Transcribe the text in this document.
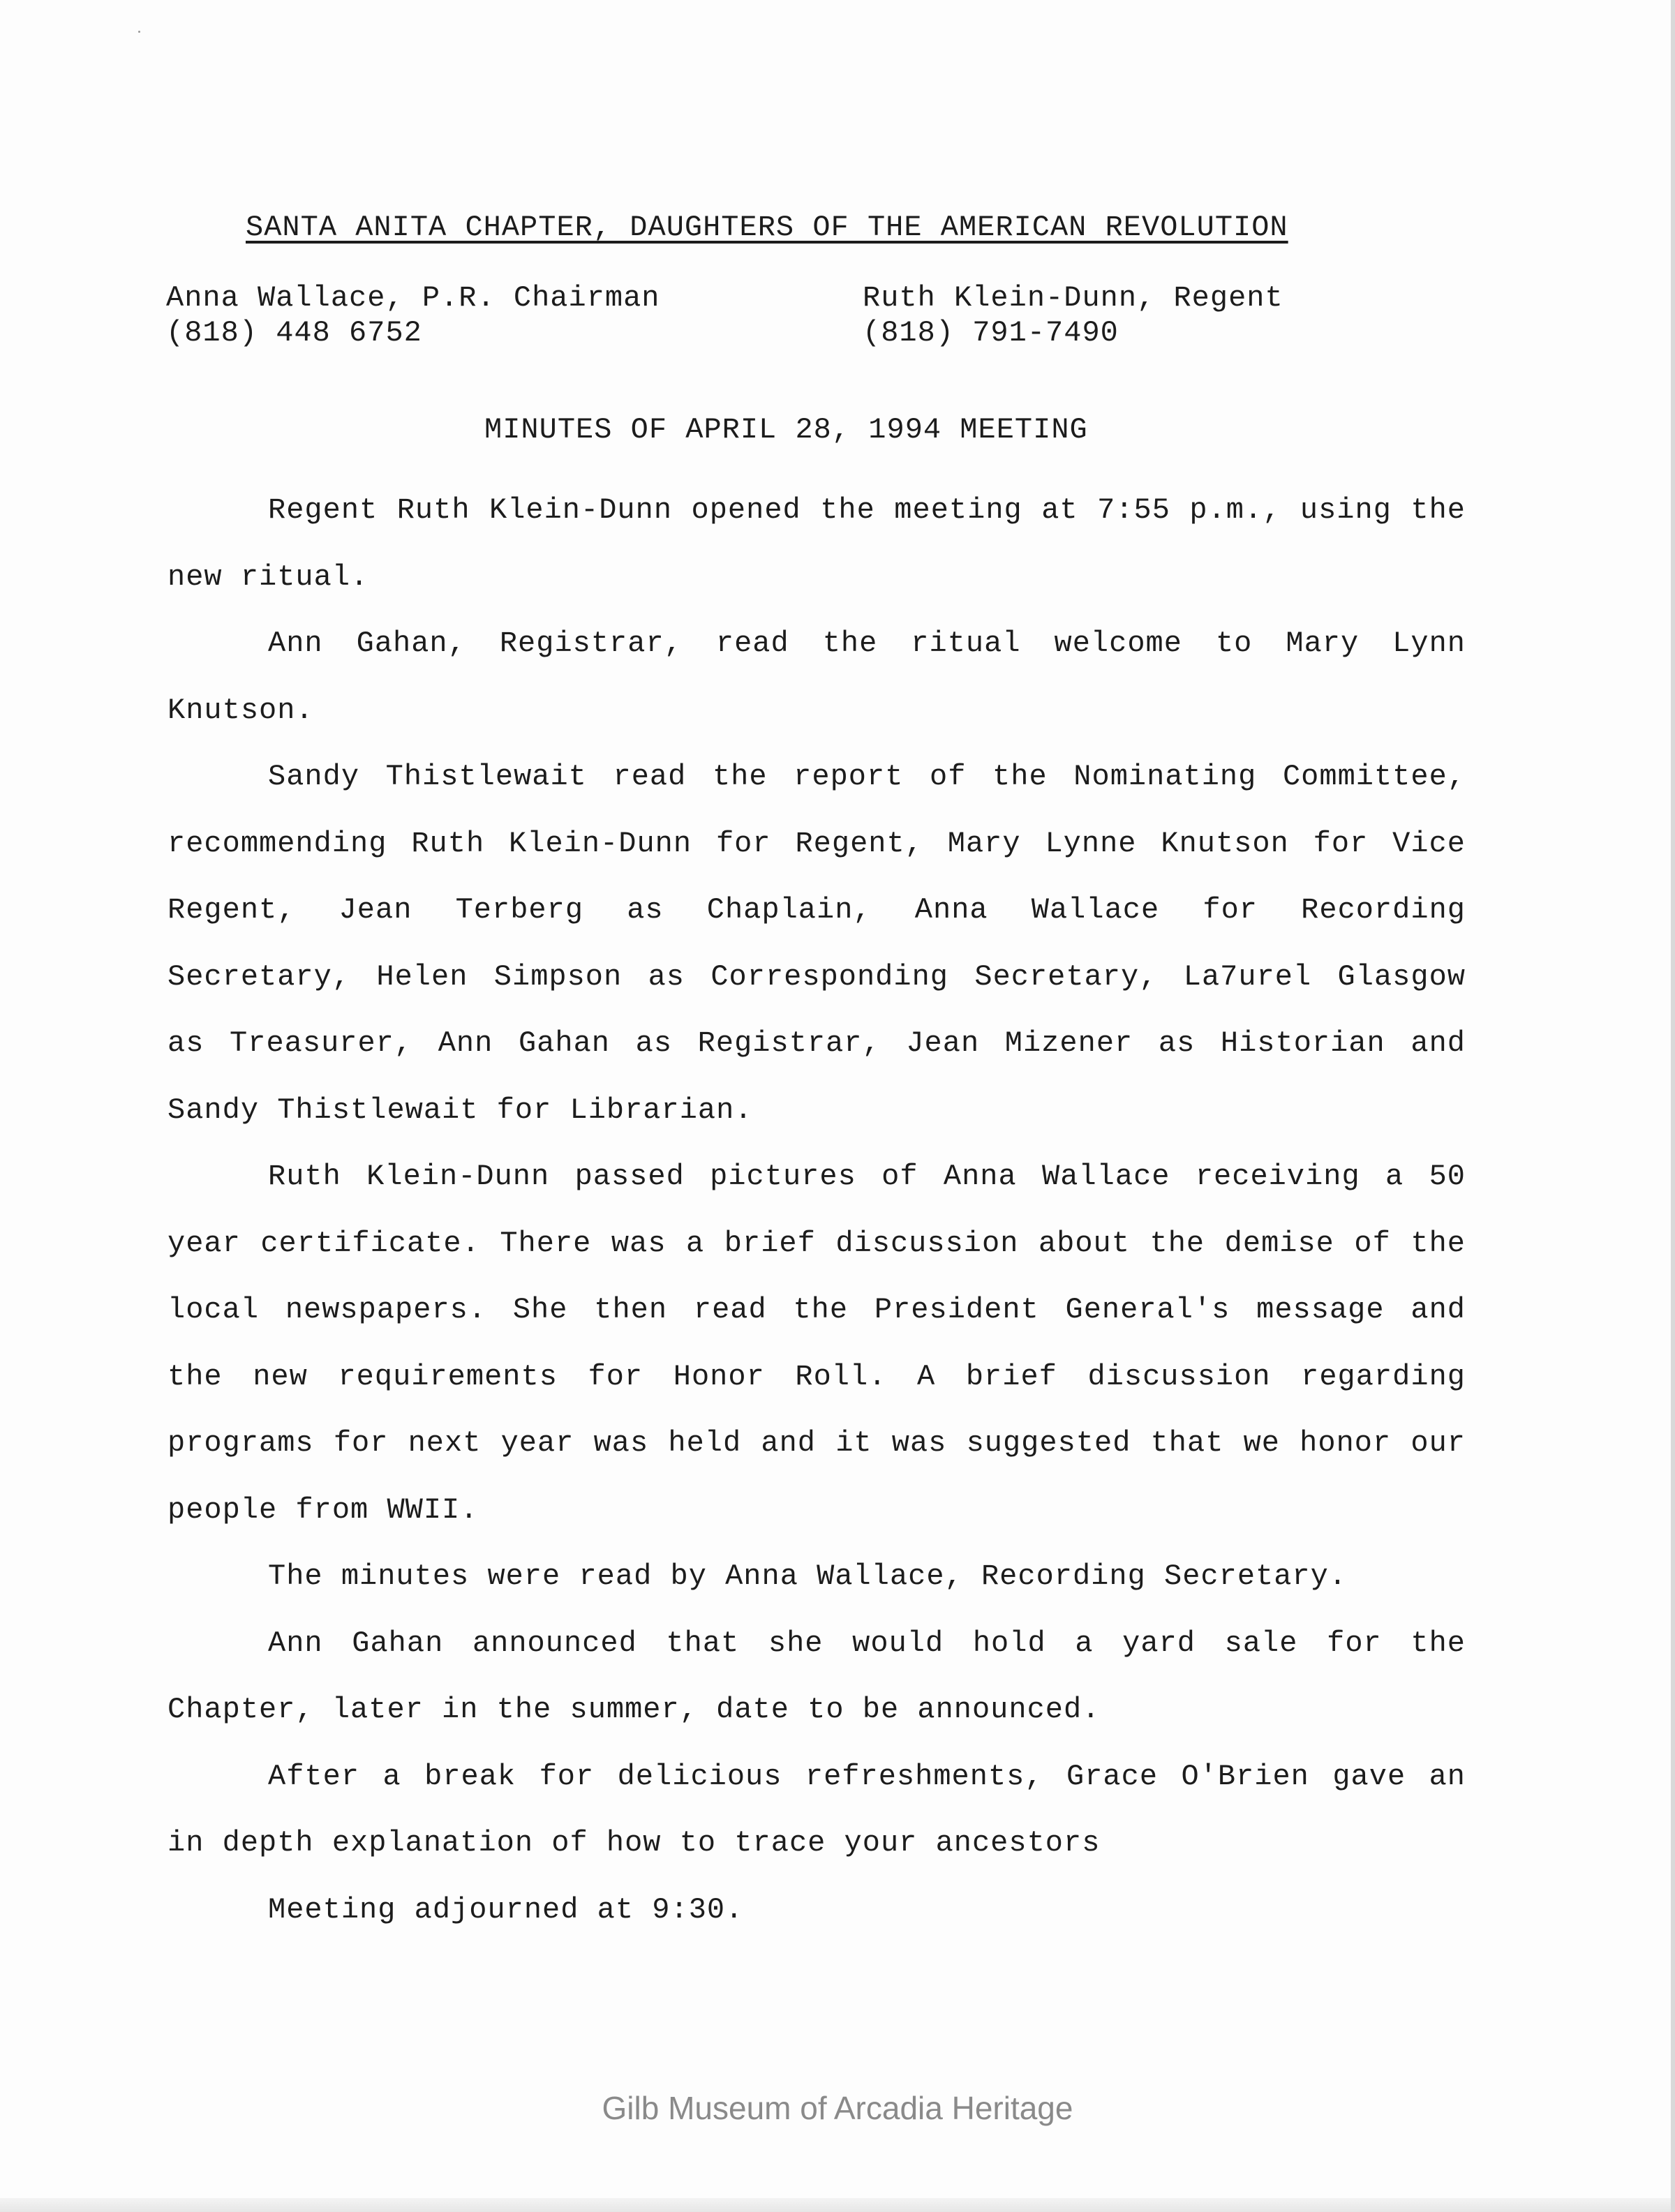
SANTA ANITA CHAPTER, DAUGHTERS OF THE AMERICAN REVOLUTION
Anna Wallace, P.R. Chairman
(818) 448 6752
Ruth Klein-Dunn, Regent
(818) 791-7490
MINUTES OF APRIL 28, 1994 MEETING

Regent Ruth Klein-Dunn opened the meeting at 7:55 p.m., using the new ritual.

Ann Gahan, Registrar, read the ritual welcome to Mary Lynn Knutson.

Sandy Thistlewait read the report of the Nominating Committee, recommending Ruth Klein-Dunn for Regent, Mary Lynne Knutson for Vice Regent, Jean Terberg as Chaplain, Anna Wallace for Recording Secretary, Helen Simpson as Corresponding Secretary, La7urel Glasgow as Treasurer, Ann Gahan as Registrar, Jean Mizener as Historian and Sandy Thistlewait for Librarian.

Ruth Klein-Dunn passed pictures of Anna Wallace receiving a 50 year certificate. There was a brief discussion about the demise of the local newspapers. She then read the President General's message and the new requirements for Honor Roll. A brief discussion regarding programs for next year was held and it was suggested that we honor our people from WWII.

The minutes were read by Anna Wallace, Recording Secretary.

Ann Gahan announced that she would hold a yard sale for the Chapter, later in the summer, date to be announced.

After a break for delicious refreshments, Grace O'Brien gave an in depth explanation of how to trace your ancestors

Meeting adjourned at 9:30.

Gilb Museum of Arcadia Heritage
